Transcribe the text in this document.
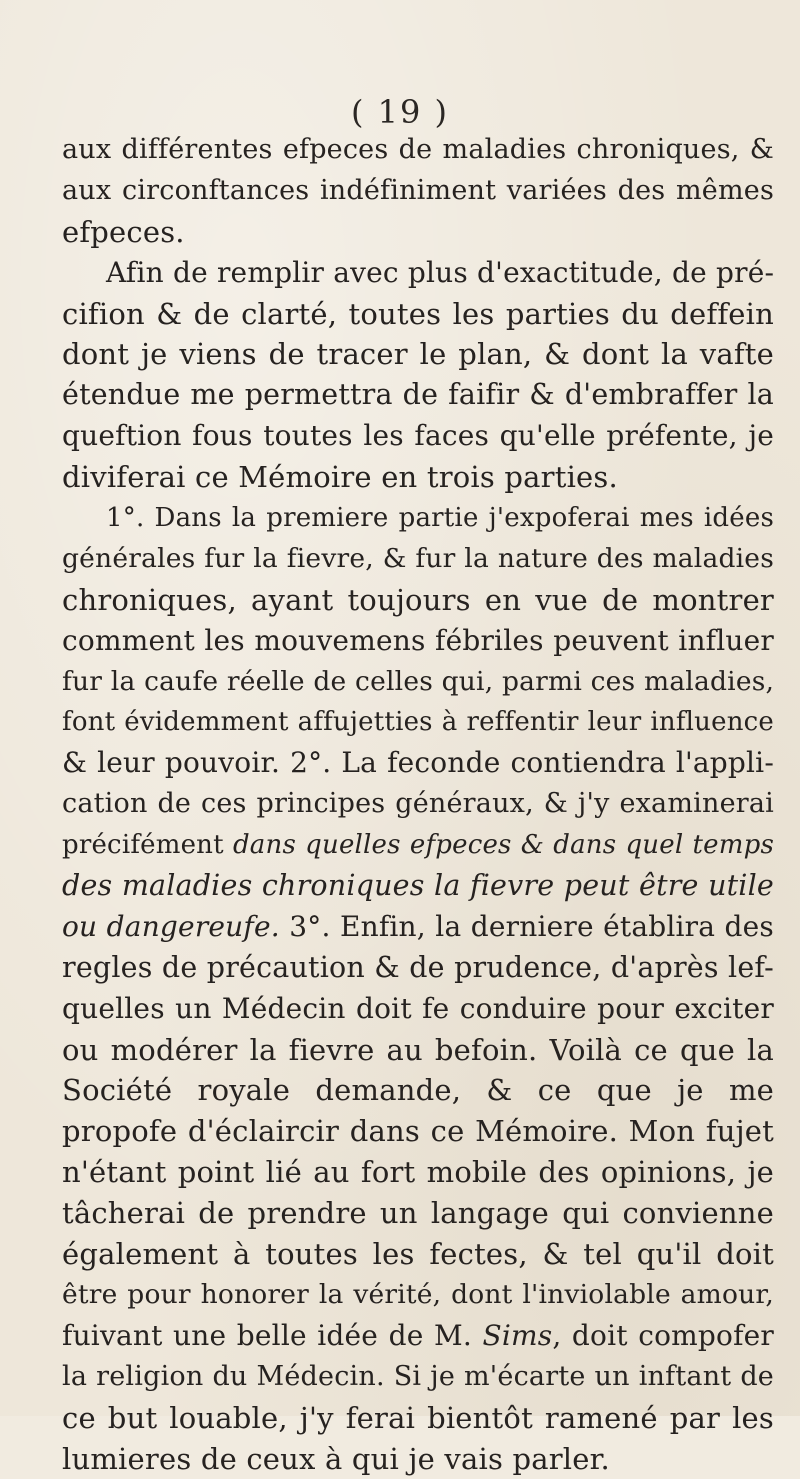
( 19 )
aux différentes efpeces de maladies chroniques, &
aux circonftances indéfiniment variées des mêmes
efpeces.
Afin de remplir avec plus d'exactitude, de pré-
cifion & de clarté, toutes les parties du deffein
dont je viens de tracer le plan, & dont la vafte
étendue me permettra de faifir & d'embraffer la
queftion fous toutes les faces qu'elle préfente, je
diviferai ce Mémoire en trois parties.
1°. Dans la premiere partie j'expoferai mes idées
générales fur la fievre, & fur la nature des maladies
chroniques, ayant toujours en vue de montrer
comment les mouvemens fébriles peuvent influer
fur la caufe réelle de celles qui, parmi ces maladies,
font évidemment affujetties à reffentir leur influence
& leur pouvoir. 2°. La feconde contiendra l'appli-
cation de ces principes généraux, & j'y examinerai
précifément dans quelles efpeces & dans quel temps
des maladies chroniques la fievre peut être utile
ou dangereufe. 3°. Enfin, la derniere établira des
regles de précaution & de prudence, d'après lef-
quelles un Médecin doit fe conduire pour exciter
ou modérer la fievre au befoin. Voilà ce que la
Société royale demande, & ce que je me
propofe d'éclaircir dans ce Mémoire. Mon fujet
n'étant point lié au fort mobile des opinions, je
tâcherai de prendre un langage qui convienne
également à toutes les fectes, & tel qu'il doit
être pour honorer la vérité, dont l'inviolable amour,
fuivant une belle idée de M. Sims, doit compofer
la religion du Médecin. Si je m'écarte un inftant de
ce but louable, j'y ferai bientôt ramené par les
lumieres de ceux à qui je vais parler.
